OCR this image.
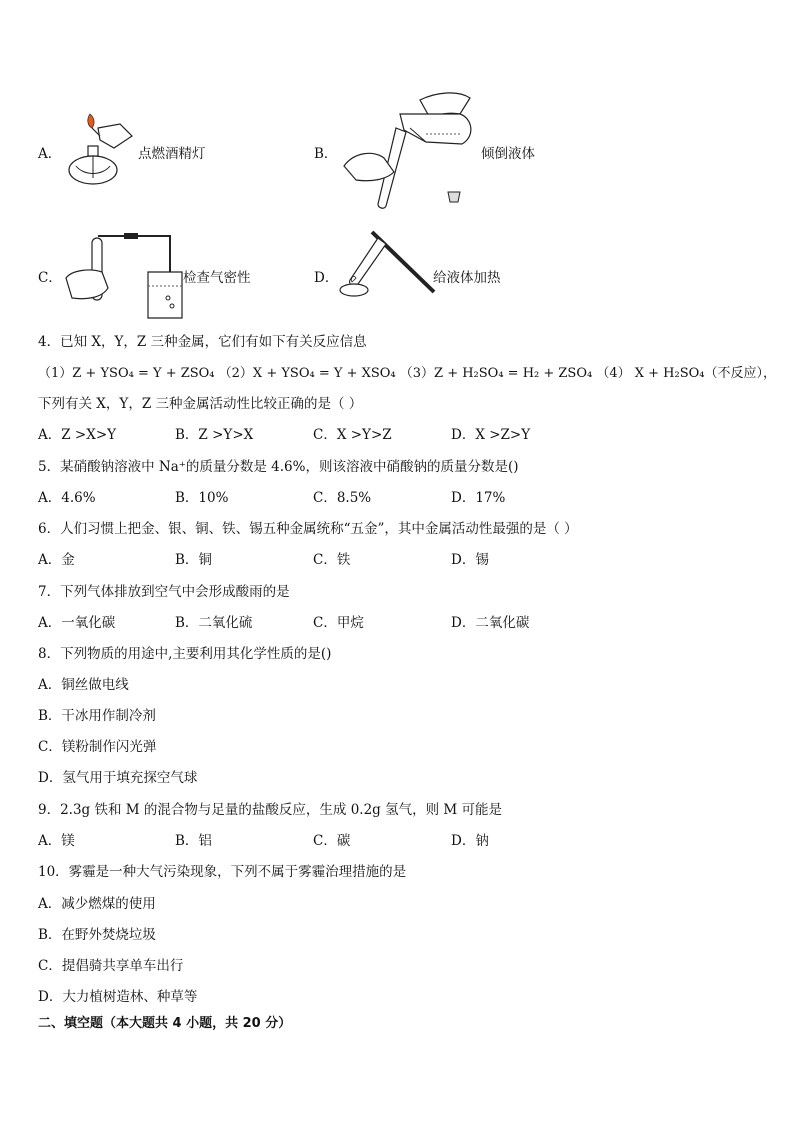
A．	点燃酒精灯	B．	倾倒液体
C．	检查气密性	D．	给液体加热
4．已知 X，Y，Z 三种金属，它们有如下有关反应信息
（1）Z + YSO₄ = Y + ZSO₄ （2）X + YSO₄ = Y + XSO₄ （3）Z + H₂SO₄ = H₂ + ZSO₄ （4） X + H₂SO₄（不反应），
下列有关 X，Y，Z 三种金属活动性比较正确的是（ ）
A．Z >X>Y	B．Z >Y>X	C．X >Y>Z	D．X >Z>Y
5．某硝酸钠溶液中 Na⁺的质量分数是 4.6%，则该溶液中硝酸钠的质量分数是()
A．4.6%	B．10%	C．8.5%	D．17%
6．人们习惯上把金、银、铜、铁、锡五种金属统称“五金”，其中金属活动性最强的是（ ）
A．金	B．铜	C．铁	D．锡
7．下列气体排放到空气中会形成酸雨的是
A．一氧化碳	B．二氧化硫	C．甲烷	D．二氧化碳
8．下列物质的用途中,主要利用其化学性质的是()
A．铜丝做电线
B．干冰用作制冷剂
C．镁粉制作闪光弹
D．氢气用于填充探空气球
9．2.3g 铁和 M 的混合物与足量的盐酸反应，生成 0.2g 氢气，则 M 可能是
A．镁	B．铝	C．碳	D．钠
10．雾霾是一种大气污染现象，下列不属于雾霾治理措施的是
A．减少燃煤的使用
B．在野外焚烧垃圾
C．提倡骑共享单车出行
D．大力植树造林、种草等
二、填空题（本大题共 4 小题，共 20 分）
